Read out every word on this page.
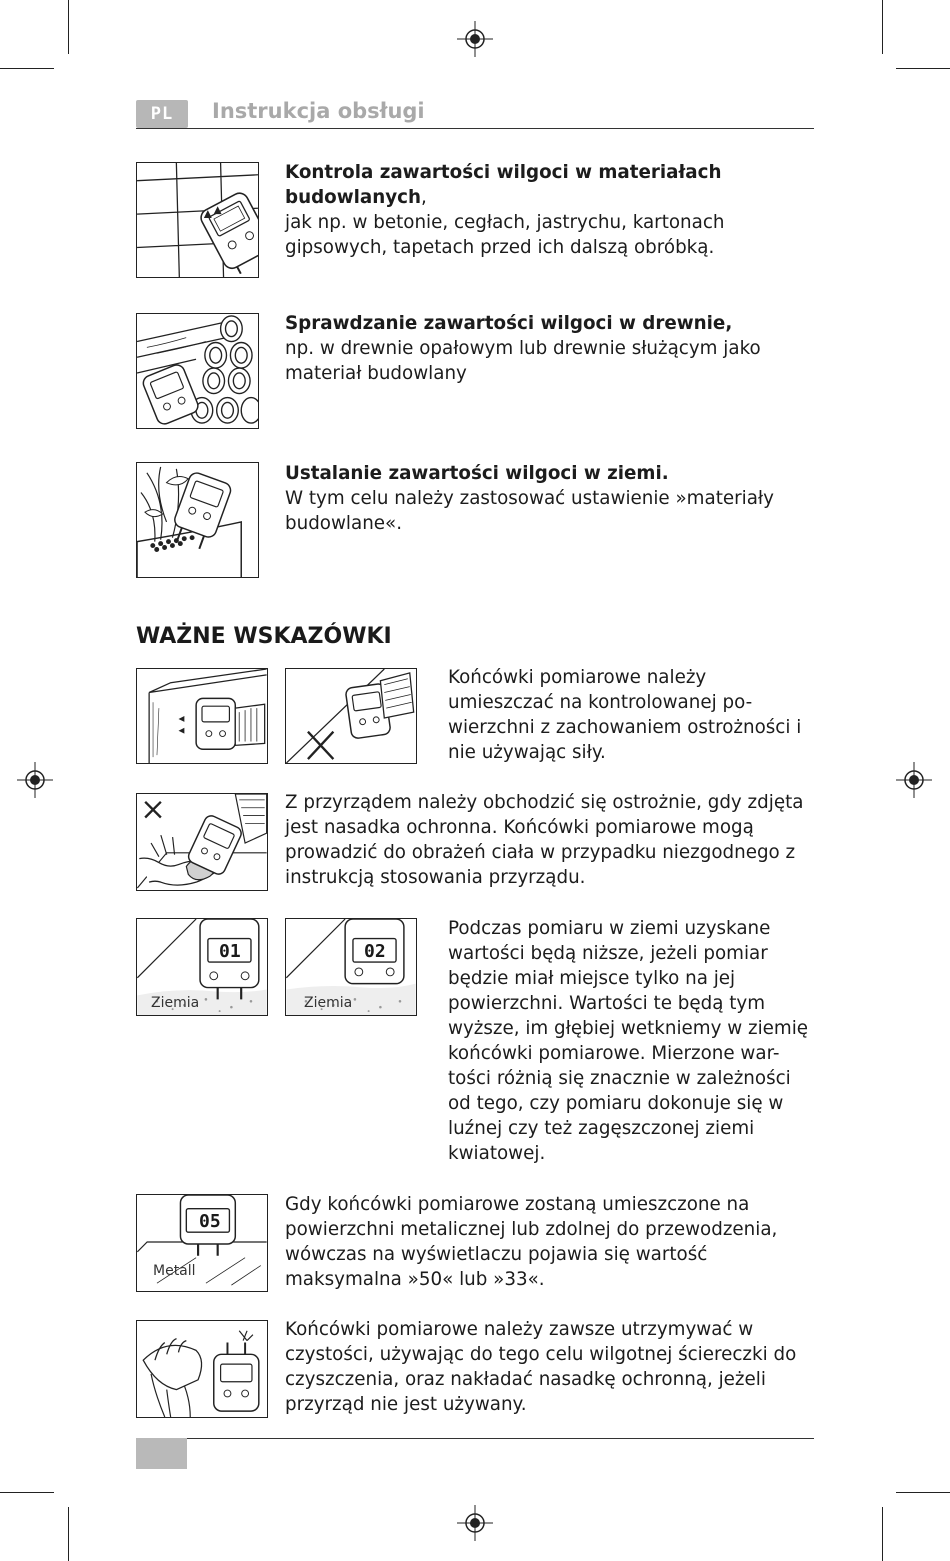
PL	Instrukcja obsługi
Kontrola zawartości wilgoci w materiałach budowlanych,
jak np. w betonie, cegłach, jastrychu, kartonach
gipsowych, tapetach przed ich dalszą obróbką.
Sprawdzanie zawartości wilgoci w drewnie,
np. w drewnie opałowym lub drewnie służącym jako
materiał budowlany
Ustalanie zawartości wilgoci w ziemi.
W tym celu należy zastosować ustawienie »materiały
budowlane«.
WAŻNE WSKAZÓWKI
Końcówki pomiarowe należy
umieszczać na kontrolowanej po-
wierzchni z zachowaniem ostrożności i
nie używając siły.
Z przyrządem należy obchodzić się ostrożnie, gdy zdjęta
jest nasadka ochronna. Końcówki pomiarowe mogą
prowadzić do obrażeń ciała w przypadku niezgodnego z
instrukcją stosowania przyrządu.
01
Ziemia
02
Ziemia
Podczas pomiaru w ziemi uzyskane
wartości będą niższe, jeżeli pomiar
będzie miał miejsce tylko na jej
powierzchni. Wartości te będą tym
wyższe, im głębiej wetkniemy w ziemię
końcówki pomiarowe. Mierzone war-
tości różnią się znacznie w zależności
od tego, czy pomiaru dokonuje się w
luźnej czy też zagęszczonej ziemi
kwiatowej.
05
Metall
Gdy końcówki pomiarowe zostaną umieszczone na
powierzchni metalicznej lub zdolnej do przewodzenia,
wówczas na wyświetlaczu pojawia się wartość
maksymalna »50« lub »33«.
Końcówki pomiarowe należy zawsze utrzymywać w
czystości, używając do tego celu wilgotnej ściereczki do
czyszczenia, oraz nakładać nasadkę ochronną, jeżeli
przyrząd nie jest używany.
